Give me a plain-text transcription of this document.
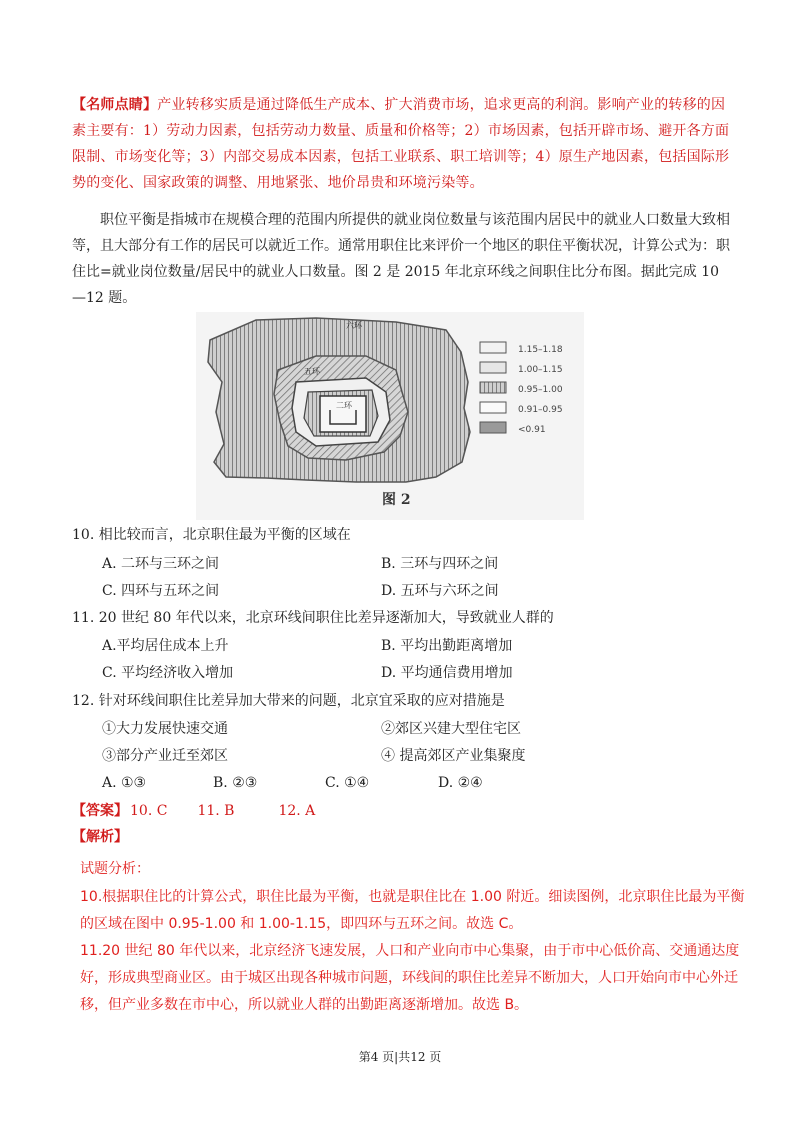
【名师点睛】产业转移实质是通过降低生产成本、扩大消费市场，追求更高的利润。影响产业的转移的因素主要有：1）劳动力因素，包括劳动力数量、质量和价格等；2）市场因素，包括开辟市场、避开各方面限制、市场变化等；3）内部交易成本因素，包括工业联系、职工培训等；4）原生产地因素，包括国际形势的变化、国家政策的调整、用地紧张、地价昂贵和环境污染等。

职位平衡是指城市在规模合理的范围内所提供的就业岗位数量与该范围内居民中的就业人口数量大致相等，且大部分有工作的居民可以就近工作。通常用职住比来评价一个地区的职住平衡状况，计算公式为：职住比=就业岗位数量/居民中的就业人口数量。图 2 是 2015 年北京环线之间职住比分布图。据此完成 10—12 题。

二环
五环
六环
1.15–1.18
1.00–1.15
0.95–1.00
0.91–0.95
<0.91
图 2
10. 相比较而言，北京职住最为平衡的区域在
A. 二环与三环之间	B. 三环与四环之间
C. 四环与五环之间	D. 五环与六环之间
11. 20 世纪 80 年代以来，北京环线间职住比差异逐渐加大，导致就业人群的
A.平均居住成本上升	B. 平均出勤距离增加
C. 平均经济收入增加	D. 平均通信费用增加
12. 针对环线间职住比差异加大带来的问题，北京宜采取的应对措施是
①大力发展快速交通	②郊区兴建大型住宅区
③部分产业迁至郊区	④ 提高郊区产业集聚度
A. ①③	B. ②③	C. ①④	D. ②④
【答案】 10. C 11. B	12. A
【解析】
试题分析：

10.根据职住比的计算公式，职住比最为平衡，也就是职住比在 1.00 附近。细读图例，北京职住比最为平衡的区域在图中 0.95-1.00 和 1.00-1.15，即四环与五环之间。故选 C。

11.20 世纪 80 年代以来，北京经济飞速发展，人口和产业向市中心集聚，由于市中心低价高、交通通达度好，形成典型商业区。由于城区出现各种城市问题，环线间的职住比差异不断加大，人口开始向市中心外迁移，但产业多数在市中心，所以就业人群的出勤距离逐渐增加。故选 B。

第4 页|共12 页
